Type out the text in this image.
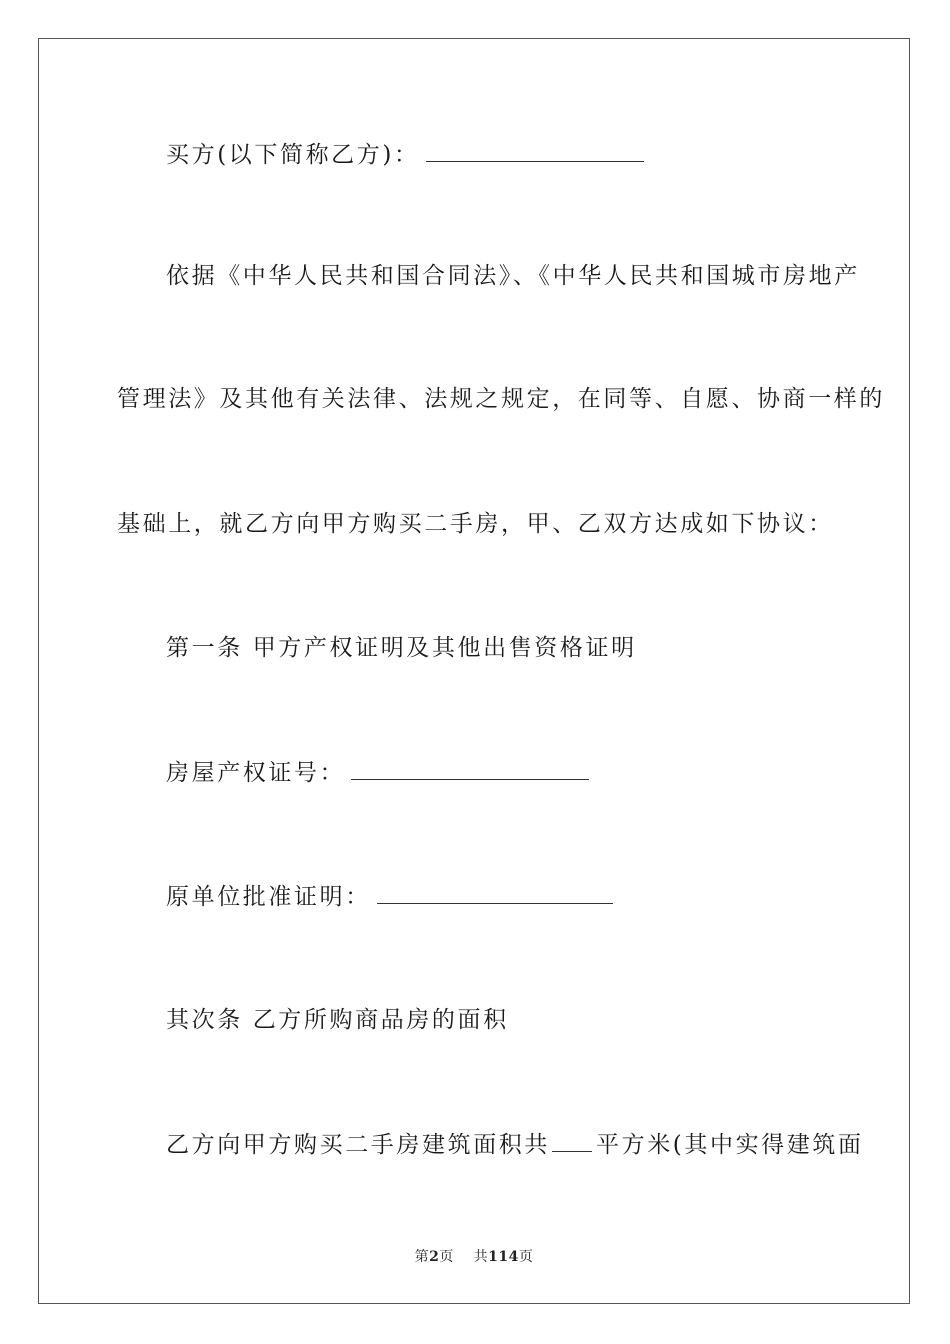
买方(以下简称乙方)：
依据《中华人民共和国合同法》、《中华人民共和国城市房地产
管理法》及其他有关法律、法规之规定，在同等、自愿、协商一样的
基础上，就乙方向甲方购买二手房，甲、乙双方达成如下协议：
第一条 甲方产权证明及其他出售资格证明
房屋产权证号：
原单位批准证明：
其次条 乙方所购商品房的面积
乙方向甲方购买二手房建筑面积共 平方米(其中实得建筑面
第2页 共114页
